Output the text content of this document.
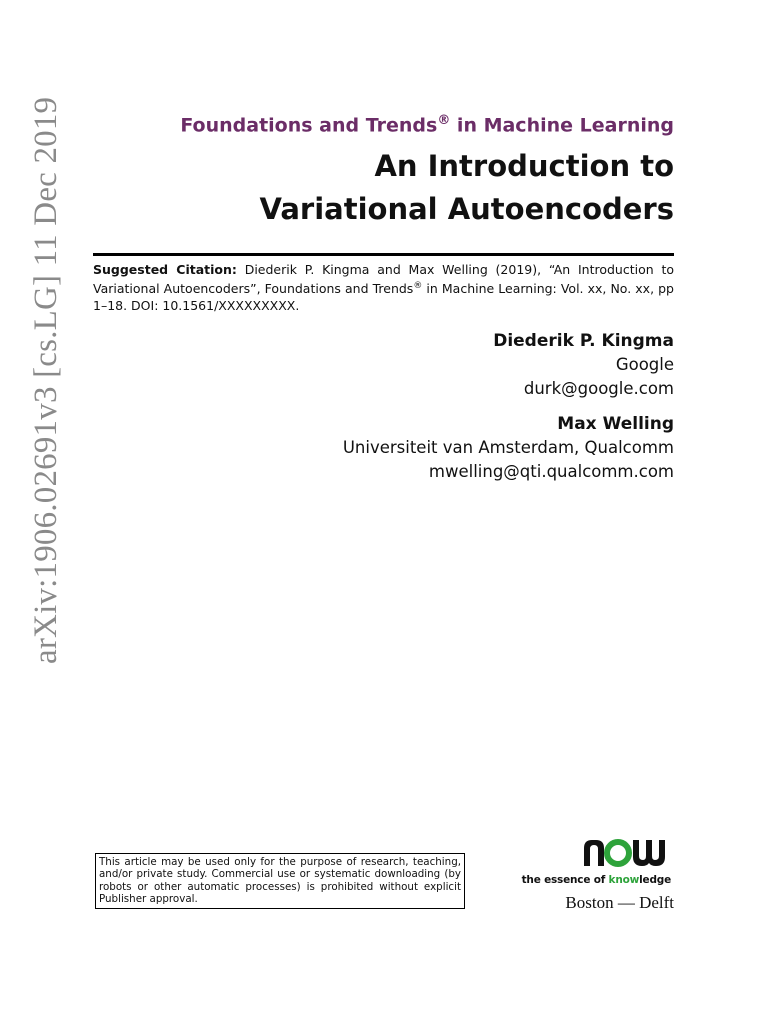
arXiv:1906.02691v3 [cs.LG] 11 Dec 2019	Foundations and Trends® in Machine Learning
An Introduction to
Variational Autoencoders
Suggested Citation: Diederik P. Kingma and Max Welling (2019), “An Introduction to Variational Autoencoders”, Foundations and Trends® in Machine Learning: Vol. xx, No. xx, pp 1–18. DOI: 10.1561/XXXXXXXXX.
Diederik P. Kingma
Google
durk@google.com
Max Welling
Universiteit van Amsterdam, Qualcomm
mwelling@qti.qualcomm.com
This article may be used only for the purpose of research, teaching, and/or private study. Commercial use or systematic downloading (by robots or other automatic processes) is prohibited without explicit Publisher approval.
the essence of knowledge
Boston — Delft
